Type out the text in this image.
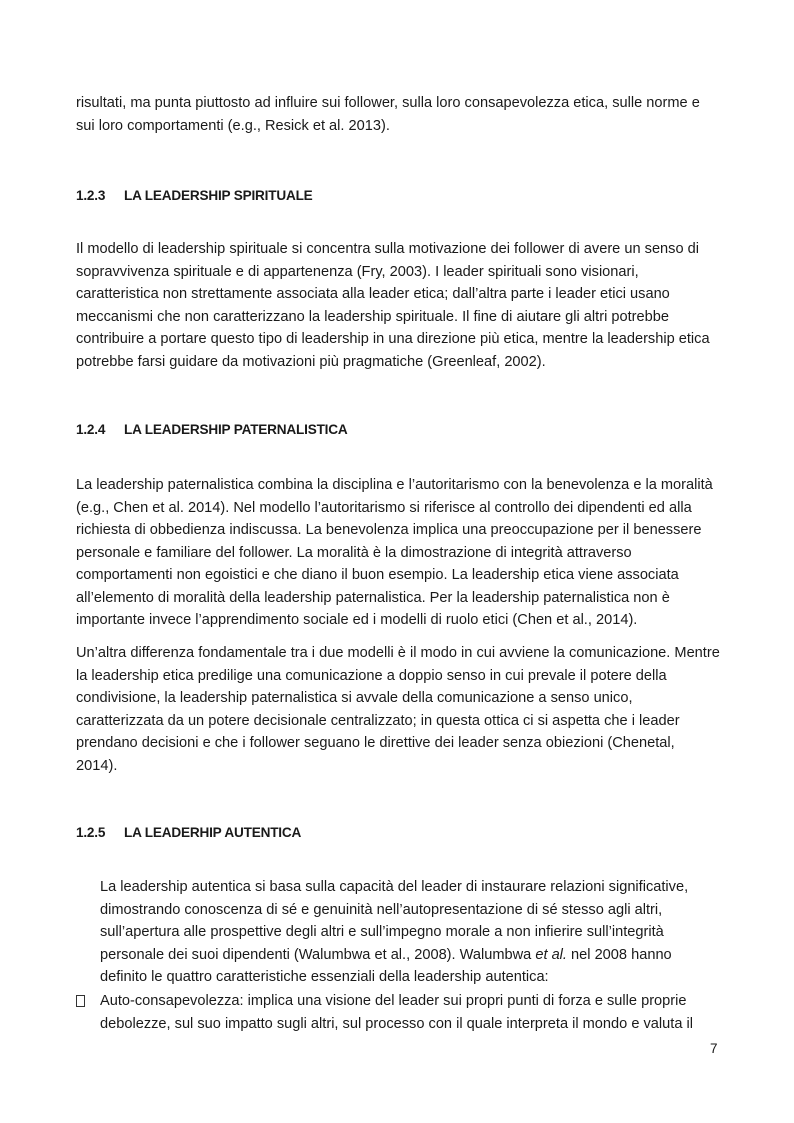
risultati, ma punta piuttosto ad influire sui follower, sulla loro consapevolezza etica, sulle norme e sui loro comportamenti (e.g., Resick et al. 2013).

1.2.3	LA LEADERSHIP SPIRITUALE

Il modello di leadership spirituale si concentra sulla motivazione dei follower di avere un senso di sopravvivenza spirituale e di appartenenza (Fry, 2003). I leader spirituali sono visionari, caratteristica non strettamente associata alla leader etica; dall’altra parte i leader etici usano meccanismi che non caratterizzano la leadership spirituale. Il fine di aiutare gli altri potrebbe contribuire a portare questo tipo di leadership in una direzione più etica, mentre la leadership etica potrebbe farsi guidare da motivazioni più pragmatiche (Greenleaf, 2002).

1.2.4	LA LEADERSHIP PATERNALISTICA

La leadership paternalistica combina la disciplina e l’autoritarismo con la benevolenza e la moralità (e.g., Chen et al. 2014). Nel modello l’autoritarismo si riferisce al controllo dei dipendenti ed alla richiesta di obbedienza indiscussa. La benevolenza implica una preoccupazione per il benessere personale e familiare del follower. La moralità è la dimostrazione di integrità attraverso comportamenti non egoistici e che diano il buon esempio. La leadership etica viene associata all’elemento di moralità della leadership paternalistica. Per la leadership paternalistica non è importante invece l’apprendimento sociale ed i modelli di ruolo etici (Chen et al., 2014).

Un’altra differenza fondamentale tra i due modelli è il modo in cui avviene la comunicazione. Mentre la leadership etica predilige una comunicazione a doppio senso in cui prevale il potere della condivisione, la leadership paternalistica si avvale della comunicazione a senso unico, caratterizzata da un potere decisionale centralizzato; in questa ottica ci si aspetta che i leader prendano decisioni e che i follower seguano le direttive dei leader senza obiezioni (Chenetal, 2014).

1.2.5	LA LEADERHIP AUTENTICA

La leadership autentica si basa sulla capacità del leader di instaurare relazioni significative, dimostrando conoscenza di sé e genuinità nell’autopresentazione di sé stesso agli altri, sull’apertura alle prospettive degli altri e sull’impegno morale a non infierire sull’integrità personale dei suoi dipendenti (Walumbwa et al., 2008). Walumbwa et al. nel 2008 hanno definito le quattro caratteristiche essenziali della leadership autentica:

Auto-consapevolezza: implica una visione del leader sui propri punti di forza e sulle proprie debolezze, sul suo impatto sugli altri, sul processo con il quale interpreta il mondo e valuta il

7
